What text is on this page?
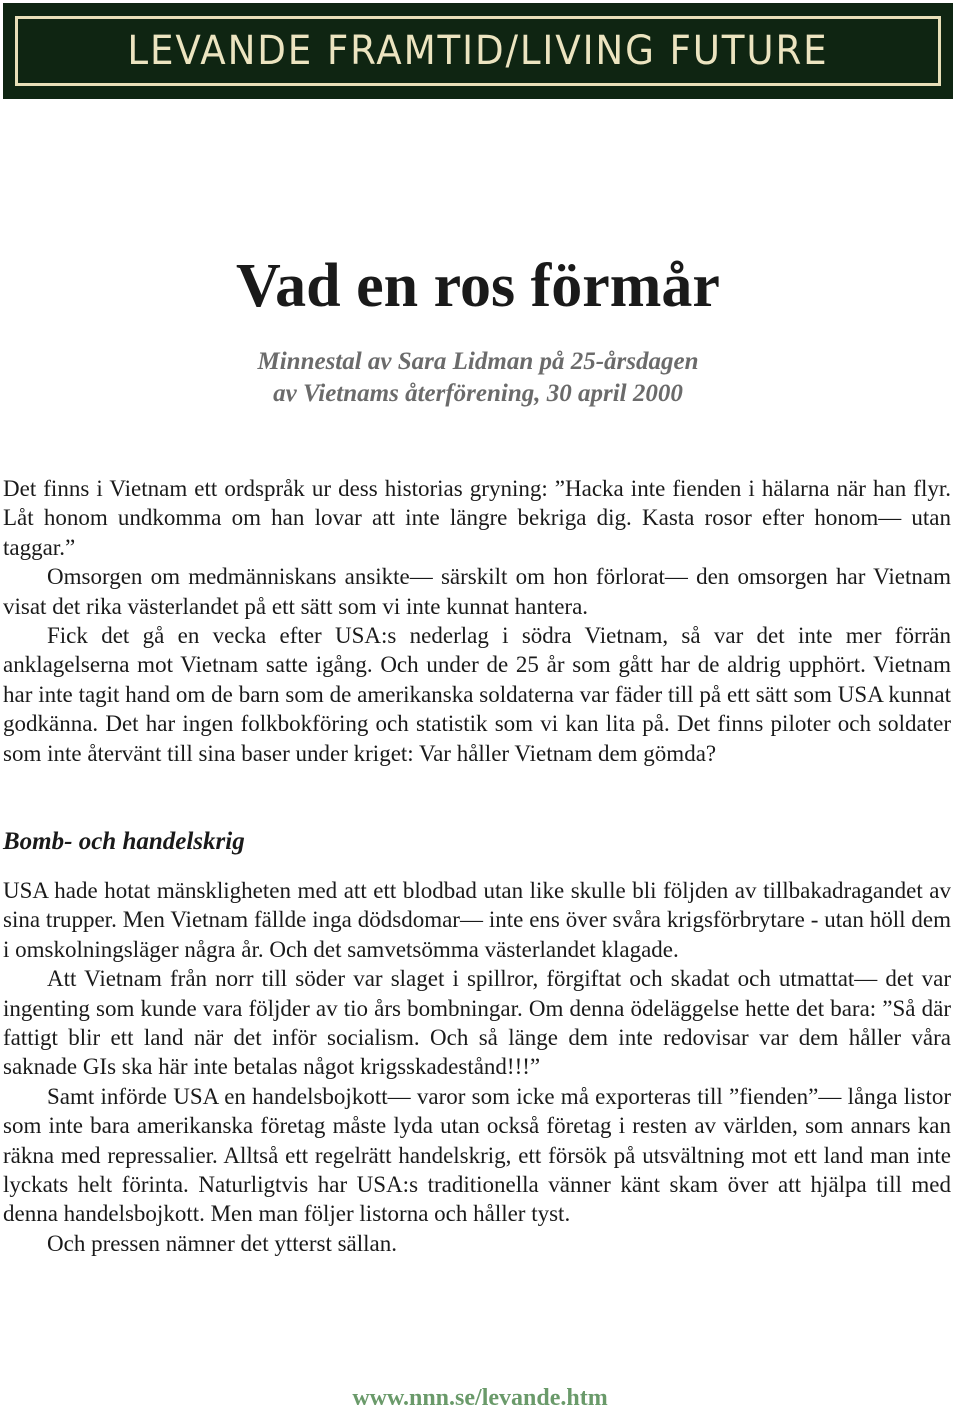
LEVANDE FRAMTID/LIVING FUTURE
Vad en ros förmår
Minnestal av Sara Lidman på 25-årsdagen
av Vietnams återförening, 30 april 2000

Det finns i Vietnam ett ordspråk ur dess historias gryning: ”Hacka inte fienden i hälarna när han flyr. Låt honom undkomma om han lovar att inte längre bekriga dig. Kasta rosor efter honom— utan taggar.”

Omsorgen om medmänniskans ansikte— särskilt om hon förlorat— den omsorgen har Vietnam visat det rika västerlandet på ett sätt som vi inte kunnat hantera.

Fick det gå en vecka efter USA:s nederlag i södra Vietnam, så var det inte mer förrän anklagelserna mot Vietnam satte igång. Och under de 25 år som gått har de aldrig upphört. Vietnam har inte tagit hand om de barn som de amerikanska soldaterna var fäder till på ett sätt som USA kunnat godkänna. Det har ingen folkbokföring och statistik som vi kan lita på. Det finns piloter och soldater som inte återvänt till sina baser under kriget: Var håller Vietnam dem gömda?

Bomb- och handelskrig

USA hade hotat mänskligheten med att ett blodbad utan like skulle bli följden av tillbakadragandet av sina trupper. Men Vietnam fällde inga dödsdomar— inte ens över svåra krigsförbrytare - utan höll dem i omskolningsläger några år. Och det samvetsömma västerlandet klagade.

Att Vietnam från norr till söder var slaget i spillror, förgiftat och skadat och utmattat— det var ingenting som kunde vara följder av tio års bombningar. Om denna ödeläggelse hette det bara: ”Så där fattigt blir ett land när det inför socialism. Och så länge dem inte redovisar var dem håller våra saknade GIs ska här inte betalas något krigsskadestånd!!!”

Samt införde USA en handelsbojkott— varor som icke må exporteras till ”fienden”— långa listor som inte bara amerikanska företag måste lyda utan också företag i resten av världen, som annars kan räkna med repressalier. Alltså ett regelrätt handelskrig, ett försök på utsvältning mot ett land man inte lyckats helt förinta. Naturligtvis har USA:s traditionella vänner känt skam över att hjälpa till med denna handelsbojkott. Men man följer listorna och håller tyst.

Och pressen nämner det ytterst sällan.

www.nnn.se/levande.htm
